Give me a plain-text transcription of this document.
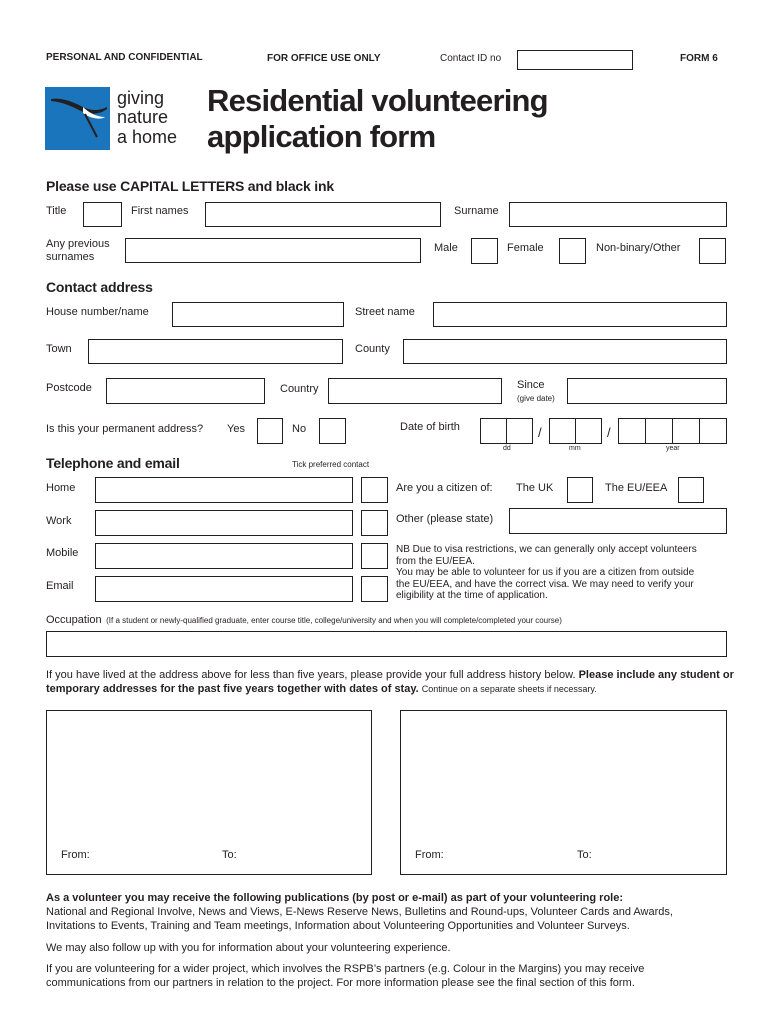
PERSONAL AND CONFIDENTIAL	FOR OFFICE USE ONLY	Contact ID no	FORM 6
giving
nature
a home
Residential volunteering
application form
Please use CAPITAL LETTERS and black ink
Title	First names	Surname
Any previous
surnames
Male	Female	Non-binary/Other
Contact address
House number/name	Street name
Town	County
Postcode	Country	Since
(give date)
Is this your permanent address? Yes	No	Date of birth	/	/
dd	mm	year
Telephone and email	Tick preferred contact
Home
Work
Mobile
Email
Are you a citizen of: The UK	The EU/EEA
Other (please state)
NB Due to visa restrictions, we can generally only accept volunteers
from the EU/EEA.
You may be able to volunteer for us if you are a citizen from outside
the EU/EEA, and have the correct visa. We may need to verify your
eligibility at the time of application.
Occupation (If a student or newly-qualified graduate, enter course title, college/university and when you will complete/completed your course)
If you have lived at the address above for less than five years, please provide your full address history below. Please include any student or temporary addresses for the past five years together with dates of stay. Continue on a separate sheets if necessary.
From:	To:	From:	To:
As a volunteer you may receive the following publications (by post or e-mail) as part of your volunteering role:
National and Regional Involve, News and Views, E-News Reserve News, Bulletins and Round-ups, Volunteer Cards and Awards,
Invitations to Events, Training and Team meetings, Information about Volunteering Opportunities and Volunteer Surveys.
We may also follow up with you for information about your volunteering experience.
If you are volunteering for a wider project, which involves the RSPB’s partners (e.g. Colour in the Margins) you may receive
communications from our partners in relation to the project. For more information please see the final section of this form.
